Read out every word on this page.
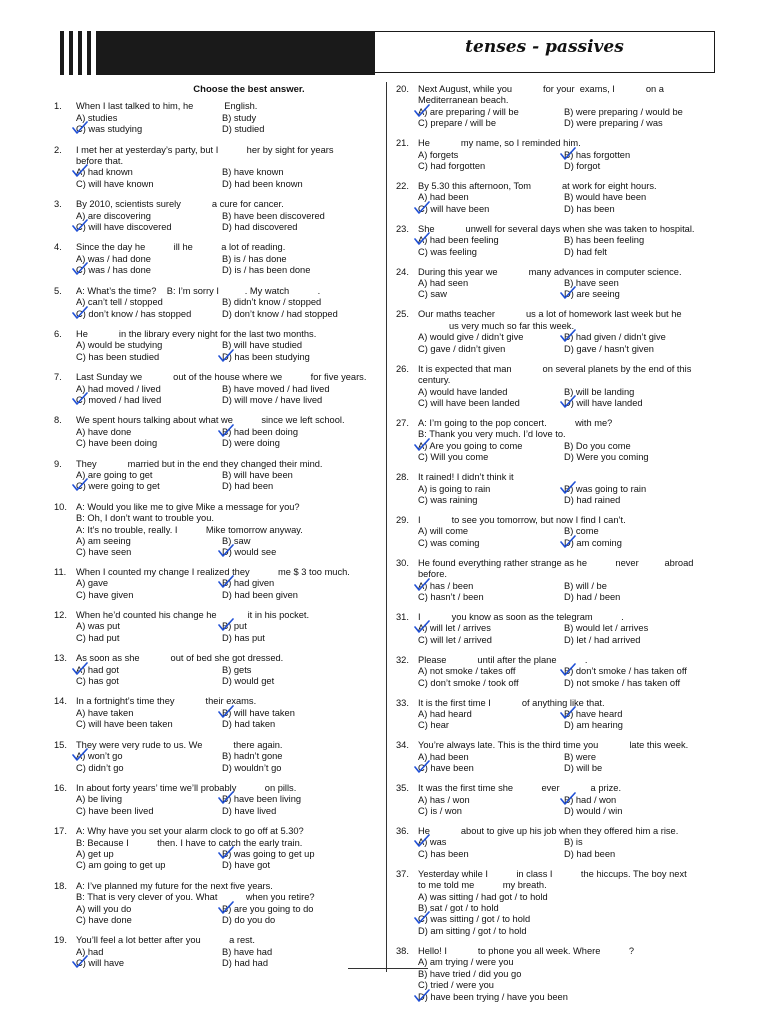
tenses - passives
Choose the best answer.
1. When I last talked to him, he            English.
A) studies	B) study
C) was studying	D) studied
2. I met her at yesterday’s party, but I           her by sight for years
before that.
A) had known	B) have known
C) will have known	D) had been known
3. By 2010, scientists surely            a cure for cancer.
A) are discovering	B) have been discovered
C) will have discovered	D) had discovered
4. Since the day he           ill he           a lot of reading.
A) was / had done	B) is / has done
C) was / has done	D) is / has been done
5. A: What’s the time?    B: I’m sorry I          . My watch           .
A) can’t tell / stopped	B) didn’t know / stopped
C) don’t know / has stopped	D) don’t know / had stopped
6. He            in the library every night for the last two months.
A) would be studying	B) will have studied
C) has been studied	D) has been studying
7. Last Sunday we            out of the house where we           for five years.
A) had moved / lived	B) have moved / had lived
C) moved / had lived	D) will move / have lived
8. We spent hours talking about what we           since we left school.
A) have done	B) had been doing
C) have been doing	D) were doing
9. They            married but in the end they changed their mind.
A) are going to get	B) will have been
C) were going to get	D) had been
10. A: Would you like me to give Mike a message for you?
B: Oh, I don’t want to trouble you.
A: It’s no trouble, really. I           Mike tomorrow anyway.
A) am seeing	B) saw
C) have seen	D) would see
11. When I counted my change I realized they           me $ 3 too much.
A) gave	B) had given
C) have given	D) had been given
12. When he’d counted his change he            it in his pocket.
A) was put	B) put
C) had put	D) has put
13. As soon as she            out of bed she got dressed.
A) had got	B) gets
C) has got	D) would get
14. In a fortnight’s time they            their exams.
A) have taken	B) will have taken
C) will have been taken	D) had taken
15. They were very rude to us. We            there again.
A) won’t go	B) hadn’t gone
C) didn’t go	D) wouldn’t go
16. In about forty years’ time we’ll probably           on pills.
A) be living	B) have been living
C) have been lived	D) have lived
17. A: Why have you set your alarm clock to go off at 5.30?
B: Because I           then. I have to catch the early train.
A) get up	B) was going to get up
C) am going to get up	D) have got
18. A: I’ve planned my future for the next five years.
B: That is very clever of you. What           when you retire?
A) will you do	B) are you going to do
C) have done	D) do you do
19. You’ll feel a lot better after you           a rest.
A) had	B) have had
C) will have	D) had had
20. Next August, while you            for your  exams, I            on a
Mediterranean beach.
A) are preparing / will be	B) were preparing / would be
C) prepare / will be	D) were preparing / was
21. He            my name, so I reminded him.
A) forgets	B) has forgotten
C) had forgotten	D) forgot
22. By 5.30 this afternoon, Tom            at work for eight hours.
A) had been	B) would have been
C) will have been	D) has been
23. She            unwell for several days when she was taken to hospital.
A) had been feeling	B) has been feeling
C) was feeling	D) had felt
24. During this year we            many advances in computer science.
A) had seen	B) have seen
C) saw	D) are seeing
25. Our maths teacher            us a lot of homework last week but he
us very much so far this week.
A) would give / didn’t give	B) had given / didn’t give
C) gave / didn’t given	D) gave / hasn’t given
26. It is expected that man            on several planets by the end of this
century.
A) would have landed	B) will be landing
C) will have been landed	D) will have landed
27. A: I’m going to the pop concert.           with me?
B: Thank you very much. I’d love to.
A) Are you going to come	B) Do you come
C) Will you come	D) Were you coming
28. It rained! I didn’t think it
A) is going to rain	B) was going to rain
C) was raining	D) had rained
29. I            to see you tomorrow, but now I find I can’t.
A) will come	B) come
C) was coming	D) am coming
30. He found everything rather strange as he           never          abroad
before.
A) has / been	B) will / be
C) hasn’t / been	D) had / been
31. I            you know as soon as the telegram           .
A) will let / arrives	B) would let / arrives
C) will let / arrived	D) let / had arrived
32. Please            until after the plane           .
A) not smoke / takes off	B) don’t smoke / has taken off
C) don’t smoke / took off	D) not smoke / has taken off
33. It is the first time I            of anything like that.
A) had heard	B) have heard
C) hear	D) am hearing
34. You’re always late. This is the third time you            late this week.
A) had been	B) were
C) have been	D) will be
35. It was the first time she           ever            a prize.
A) has / won	B) had / won
C) is / won	D) would / win
36. He            about to give up his job when they offered him a rise.
A) was	B) is
C) has been	D) had been
37. Yesterday while I           in class I           the hiccups. The boy next
to me told me           my breath.
A) was sitting / had got / to hold
B) sat / got / to hold
C) was sitting / got / to hold
D) am sitting / got / to hold
38. Hello! I            to phone you all week. Where           ?
A) am trying / were you
B) have tried / did you go
C) tried / were you
D) have been trying / have you been
